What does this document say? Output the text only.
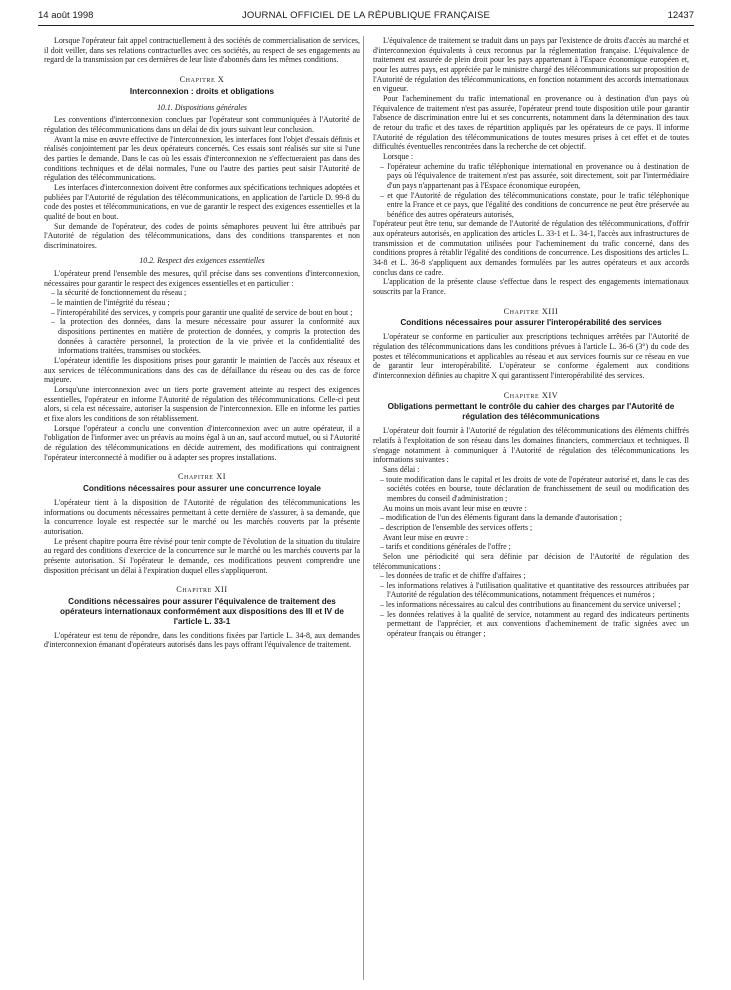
14 août 1998	JOURNAL OFFICIEL DE LA RÉPUBLIQUE FRANÇAISE	12437

Lorsque l'opérateur fait appel contractuellement à des sociétés de commercialisation de services, il doit veiller, dans ses relations contractuelles avec ces sociétés, au respect de ses engagements au regard de la transmission par ces dernières de leur liste d'abonnés dans les mêmes conditions.

Chapitre X
Interconnexion : droits et obligations
10.1. Dispositions générales

Les conventions d'interconnexion conclues par l'opérateur sont communiquées à l'Autorité de régulation des télécommunications dans un délai de dix jours suivant leur conclusion.

Avant la mise en œuvre effective de l'interconnexion, les interfaces font l'objet d'essais définis et réalisés conjointement par les deux opérateurs concernés. Ces essais sont réalisés sur site si l'une des parties le demande. Dans le cas où les essais d'interconnexion ne s'effectueraient pas dans des conditions techniques et de délai normales, l'une ou l'autre des parties peut saisir l'Autorité de régulation des télécommunications.

Les interfaces d'interconnexion doivent être conformes aux spécifications techniques adoptées et publiées par l'Autorité de régulation des télécommunications, en application de l'article D. 99-8 du code des postes et télécommunications, en vue de garantir le respect des exigences essentielles et la qualité de bout en bout.

Sur demande de l'opérateur, des codes de points sémaphores peuvent lui être attribués par l'Autorité de régulation des télécommunications, dans des conditions transparentes et non discriminatoires.

10.2. Respect des exigences essentielles

L'opérateur prend l'ensemble des mesures, qu'il précise dans ses conventions d'interconnexion, nécessaires pour garantir le respect des exigences essentielles et en particulier :

– la sécurité de fonctionnement du réseau ;
– le maintien de l'intégrité du réseau ;
– l'interopérabilité des services, y compris pour garantir une qualité de service de bout en bout ;
– la protection des données, dans la mesure nécessaire pour assurer la conformité aux dispositions pertinentes en matière de protection de données, y compris la protection des données à caractère personnel, la protection de la vie privée et la confidentialité des informations traitées, transmises ou stockées.

L'opérateur identifie les dispositions prises pour garantir le maintien de l'accès aux réseaux et aux services de télécommunications dans des cas de défaillance du réseau ou des cas de force majeure.

Lorsqu'une interconnexion avec un tiers porte gravement atteinte au respect des exigences essentielles, l'opérateur en informe l'Autorité de régulation des télécommunications. Celle-ci peut alors, si cela est nécessaire, autoriser la suspension de l'interconnexion. Elle en informe les parties et fixe alors les conditions de son rétablissement.

Lorsque l'opérateur a conclu une convention d'interconnexion avec un autre opérateur, il a l'obligation de l'informer avec un préavis au moins égal à un an, sauf accord mutuel, ou si l'Autorité de régulation des télécommunications en décide autrement, des modifications qui contraignent l'opérateur interconnecté à modifier ou à adapter ses propres installations.

Chapitre XI
Conditions nécessaires pour assurer une concurrence loyale

L'opérateur tient à la disposition de l'Autorité de régulation des télécommunications les informations ou documents nécessaires permettant à cette dernière de s'assurer, à sa demande, que la concurrence loyale est respectée sur le marché ou les marchés couverts par la présente autorisation.

Le présent chapitre pourra être révisé pour tenir compte de l'évolution de la situation du titulaire au regard des conditions d'exercice de la concurrence sur le marché ou les marchés couverts par la présente autorisation. Si l'opérateur le demande, ces modifications peuvent comprendre une disposition précisant un délai à l'expiration duquel elles s'appliqueront.

Chapitre XII
Conditions nécessaires pour assurer l'équivalence de traitement des opérateurs internationaux conformément aux dispositions des III et IV de l'article L. 33-1

L'opérateur est tenu de répondre, dans les conditions fixées par l'article L. 34-8, aux demandes d'interconnexion émanant d'opérateurs autorisés dans les pays offrant l'équivalence de traitement.

L'équivalence de traitement se traduit dans un pays par l'existence de droits d'accès au marché et d'interconnexion équivalents à ceux reconnus par la réglementation française. L'équivalence de traitement est assurée de plein droit pour les pays appartenant à l'Espace économique européen et, pour les autres pays, est appréciée par le ministre chargé des télécommunications sur proposition de l'Autorité de régulation des télécommunications, en fonction notamment des accords internationaux en vigueur.

Pour l'acheminement du trafic international en provenance ou à destination d'un pays où l'équivalence de traitement n'est pas assurée, l'opérateur prend toute disposition utile pour garantir l'absence de discrimination entre lui et ses concurrents, notamment dans la détermination des taux de retour du trafic et des taxes de répartition appliqués par les opérateurs de ce pays. Il informe l'Autorité de régulation des télécommunications de toutes mesures prises à cet effet et de toutes difficultés éventuelles rencontrées dans la recherche de cet objectif.

Lorsque :

– l'opérateur achemine du trafic téléphonique international en provenance ou à destination de pays où l'équivalence de traitement n'est pas assurée, soit directement, soit par l'intermédiaire d'un pays n'appartenant pas à l'Espace économique européen,
– et que l'Autorité de régulation des télécommunications constate, pour le trafic téléphonique entre la France et ce pays, que l'égalité des conditions de concurrence ne peut être préservée au bénéfice des autres opérateurs autorisés,

l'opérateur peut être tenu, sur demande de l'Autorité de régulation des télécommunications, d'offrir aux opérateurs autorisés, en application des articles L. 33-1 et L. 34-1, l'accès aux infrastructures de transmission et de commutation utilisées pour l'acheminement du trafic concerné, dans des conditions propres à rétablir l'égalité des conditions de concurrence. Les dispositions des articles L. 34-8 et L. 36-8 s'appliquent aux demandes formulées par les autres opérateurs et aux accords conclus dans ce cadre.

L'application de la présente clause s'effectue dans le respect des engagements internationaux souscrits par la France.

Chapitre XIII
Conditions nécessaires pour assurer l'interopérabilité des services

L'opérateur se conforme en particulier aux prescriptions techniques arrêtées par l'Autorité de régulation des télécommunications dans les conditions prévues à l'article L. 36-6 (3°) du code des postes et télécommunications et applicables au réseau et aux services fournis sur ce réseau en vue de garantir leur interopérabilité. L'opérateur se conforme également aux conditions d'interconnexion définies au chapitre X qui garantissent l'interopérabilité des services.

Chapitre XIV
Obligations permettant le contrôle du cahier des charges par l'Autorité de régulation des télécommunications

L'opérateur doit fournir à l'Autorité de régulation des télécommunications des éléments chiffrés relatifs à l'exploitation de son réseau dans les domaines financiers, commerciaux et techniques. Il s'engage notamment à communiquer à l'Autorité de régulation des télécommunications les informations suivantes :

Sans délai :

– toute modification dans le capital et les droits de vote de l'opérateur autorisé et, dans le cas des sociétés cotées en bourse, toute déclaration de franchissement de seuil ou modification des membres du conseil d'administration ;

Au moins un mois avant leur mise en œuvre :

– modification de l'un des éléments figurant dans la demande d'autorisation ;
– description de l'ensemble des services offerts ;

Avant leur mise en œuvre :

– tarifs et conditions générales de l'offre ;

Selon une périodicité qui sera définie par décision de l'Autorité de régulation des télécommunications :

– les données de trafic et de chiffre d'affaires ;
– les informations relatives à l'utilisation qualitative et quantitative des ressources attribuées par l'Autorité de régulation des télécommunications, notamment fréquences et numéros ;
– les informations nécessaires au calcul des contributions au financement du service universel ;
– les données relatives à la qualité de service, notamment au regard des indicateurs pertinents permettant de l'apprécier, et aux conventions d'acheminement de trafic signées avec un opérateur français ou étranger ;
